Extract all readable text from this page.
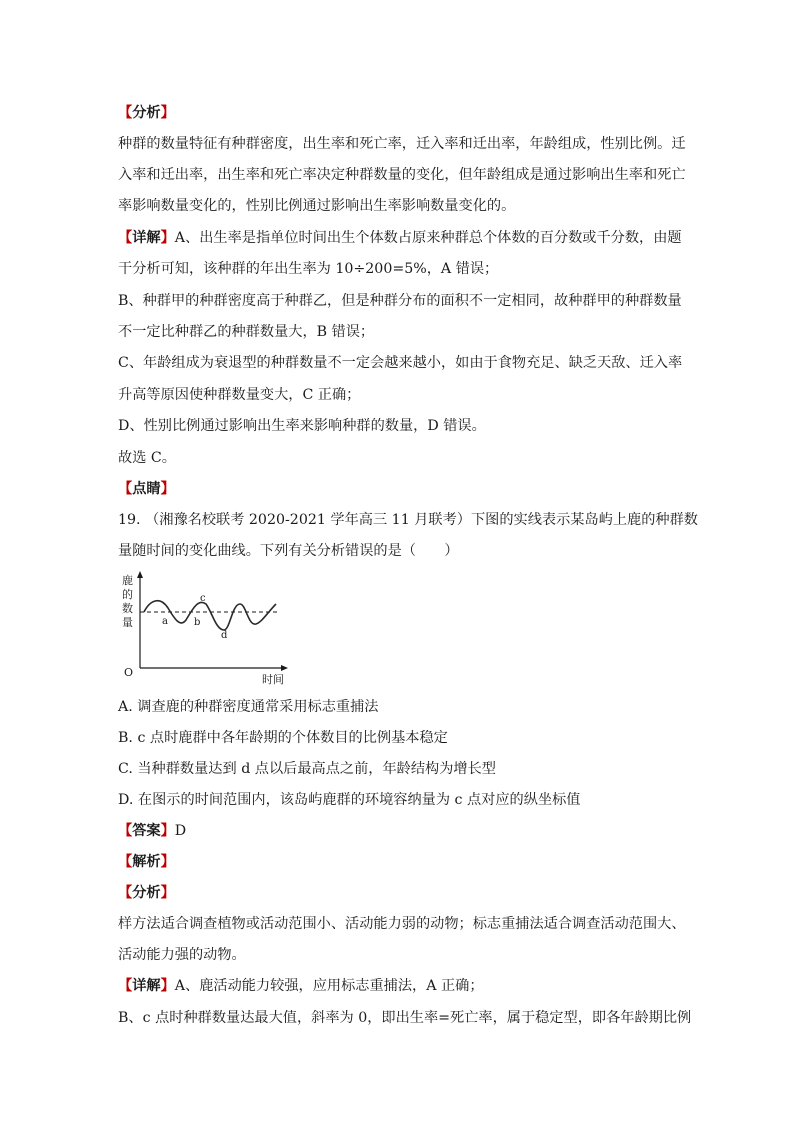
【分析】
种群的数量特征有种群密度，出生率和死亡率，迁入率和迁出率，年龄组成，性别比例。迁
入率和迁出率，出生率和死亡率决定种群数量的变化，但年龄组成是通过影响出生率和死亡
率影响数量变化的，性别比例通过影响出生率影响数量变化的。
【详解】A、出生率是指单位时间出生个体数占原来种群总个体数的百分数或千分数，由题
干分析可知，该种群的年出生率为 10÷200=5%，A 错误；
B、种群甲的种群密度高于种群乙，但是种群分布的面积不一定相同，故种群甲的种群数量
不一定比种群乙的种群数量大，B 错误；
C、年龄组成为衰退型的种群数量不一定会越来越小，如由于食物充足、缺乏天敌、迁入率
升高等原因使种群数量变大，C 正确；
D、性别比例通过影响出生率来影响种群的数量，D 错误。
故选 C。
【点睛】
19. （湘豫名校联考 2020-2021 学年高三 11 月联考）下图的实线表示某岛屿上鹿的种群数
量随时间的变化曲线。下列有关分析错误的是（　　）
鹿
的
数
量
O
时间
a	b
c
d
A. 调查鹿的种群密度通常采用标志重捕法
B. c 点时鹿群中各年龄期的个体数目的比例基本稳定
C. 当种群数量达到 d 点以后最高点之前，年龄结构为增长型
D. 在图示的时间范围内，该岛屿鹿群的环境容纳量为 c 点对应的纵坐标值
【答案】D
【解析】
【分析】
样方法适合调查植物或活动范围小、活动能力弱的动物；标志重捕法适合调查活动范围大、
活动能力强的动物。
【详解】A、鹿活动能力较强，应用标志重捕法，A 正确；
B、c 点时种群数量达最大值，斜率为 0，即出生率=死亡率，属于稳定型，即各年龄期比例
